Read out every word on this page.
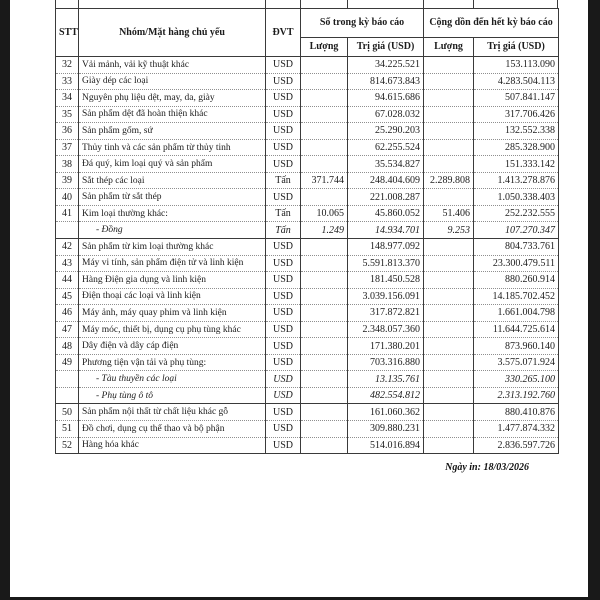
STT	Nhóm/Mặt hàng chủ yếu	ĐVT	Số trong kỳ báo cáo		Cộng dồn đến hết kỳ báo cáo	
			Lượng	Trị giá (USD)	Lượng	Trị giá (USD)
32	Vải mảnh, vải kỹ thuật khác	USD		34.225.521		153.113.090
33	Giày dép các loại	USD		814.673.843		4.283.504.113
34	Nguyên phụ liệu dệt, may, da, giày	USD		94.615.686		507.841.147
35	Sản phẩm dệt đã hoàn thiện khác	USD		67.028.032		317.706.426
36	Sản phẩm gốm, sứ	USD		25.290.203		132.552.338
37	Thủy tinh và các sản phẩm từ thủy tinh	USD		62.255.524		285.328.900
38	Đá quý, kim loại quý và sản phẩm	USD		35.534.827		151.333.142
39	Sắt thép các loại	Tấn	371.744	248.404.609	2.289.808	1.413.278.876
40	Sản phẩm từ sắt thép	USD		221.008.287		1.050.338.403
41	Kim loại thường khác:	Tấn	10.065	45.860.052	51.406	252.232.555
	- Đồng	Tấn	1.249	14.934.701	9.253	107.270.347
42	Sản phẩm từ kim loại thường khác	USD		148.977.092		804.733.761
43	Máy vi tính, sản phẩm điện tử và linh kiện	USD		5.591.813.370		23.300.479.511
44	Hàng Điện gia dụng và linh kiện	USD		181.450.528		880.260.914
45	Điện thoại các loại và linh kiện	USD		3.039.156.091		14.185.702.452
46	Máy ảnh, máy quay phim và linh kiện	USD		317.872.821		1.661.004.798
47	Máy móc, thiết bị, dụng cụ phụ tùng khác	USD		2.348.057.360		11.644.725.614
48	Dây điện và dây cáp điện	USD		171.380.201		873.960.140
49	Phương tiện vận tải và phụ tùng:	USD		703.316.880		3.575.071.924
	- Tàu thuyền các loại	USD		13.135.761		330.265.100
	- Phụ tùng ô tô	USD		482.554.812		2.313.192.760
50	Sản phẩm nội thất từ chất liệu khác gỗ	USD		161.060.362		880.410.876
51	Đồ chơi, dụng cụ thể thao và bộ phận	USD		309.880.231		1.477.874.332
52	Hàng hóa khác	USD		514.016.894		2.836.597.726
Ngày in: 18/03/2026
